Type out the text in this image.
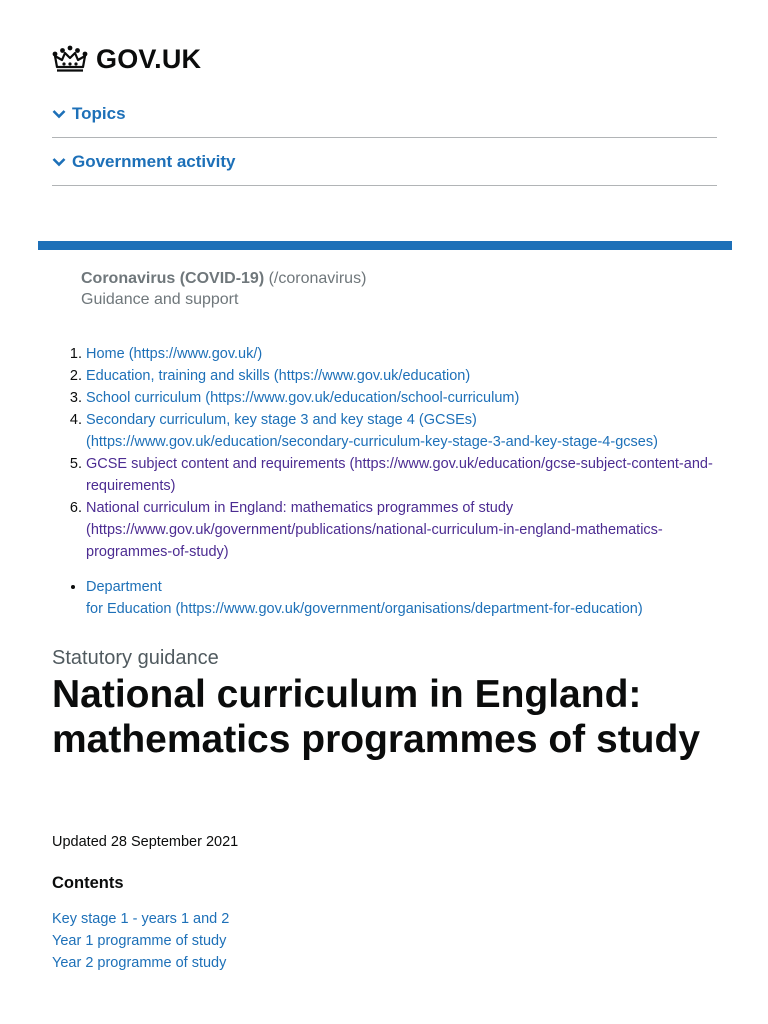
GOV.UK
Topics
Government activity
Coronavirus (COVID-19) (/coronavirus)
Guidance and support
1. Home (https://www.gov.uk/)
2. Education, training and skills (https://www.gov.uk/education)
3. School curriculum (https://www.gov.uk/education/school-curriculum)
4. Secondary curriculum, key stage 3 and key stage 4 (GCSEs) (https://www.gov.uk/education/secondary-curriculum-key-stage-3-and-key-stage-4-gcses)
5. GCSE subject content and requirements (https://www.gov.uk/education/gcse-subject-content-and-requirements)
6. National curriculum in England: mathematics programmes of study (https://www.gov.uk/government/publications/national-curriculum-in-england-mathematics-programmes-of-study)
• Department
for Education (https://www.gov.uk/government/organisations/department-for-education)
Statutory guidance
National curriculum in England: mathematics programmes of study
Updated 28 September 2021
Contents
Key stage 1 - years 1 and 2
Year 1 programme of study
Year 2 programme of study
